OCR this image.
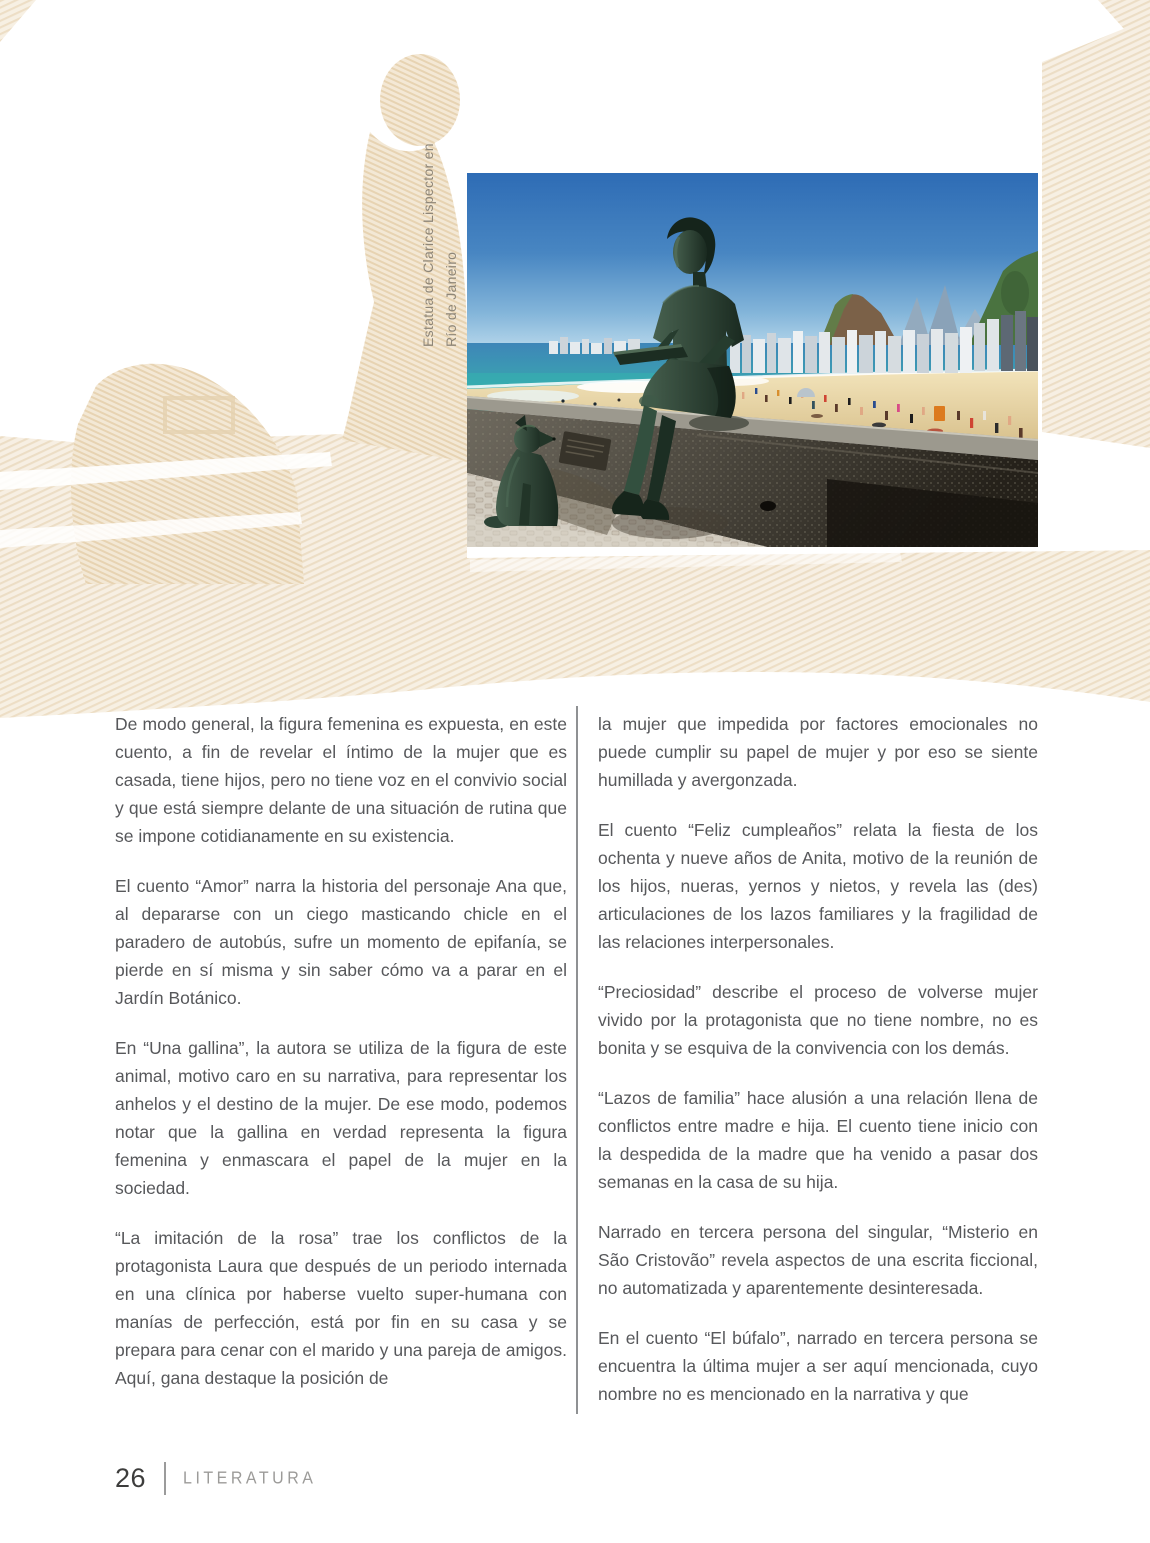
Estatua de Clarice Lispector en Río de Janeiro

De modo general, la figura femenina es expuesta, en este cuento, a fin de revelar el íntimo de la mujer que es casada, tiene hijos, pero no tiene voz en el convivio social y que está siempre delante de una situación de rutina que se impone cotidianamente en su existencia.

El cuento “Amor” narra la historia del personaje Ana que, al depararse con un ciego masticando chicle en el paradero de autobús, sufre un momento de epifanía, se pierde en sí misma y sin saber cómo va a parar en el Jardín Botánico.

En “Una gallina”, la autora se utiliza de la figura de este animal, motivo caro en su narrativa, para representar los anhelos y el destino de la mujer. De ese modo, podemos notar que la gallina en verdad representa la figura femenina y enmascara el papel de la mujer en la sociedad.

“La imitación de la rosa” trae los conflictos de la protagonista Laura que después de un periodo internada en una clínica por haberse vuelto super-humana con manías de perfección, está por fin en su casa y se prepara para cenar con el marido y una pareja de amigos. Aquí, gana destaque la posición de

la mujer que impedida por factores emocionales no puede cumplir su papel de mujer y por eso se siente humillada y avergonzada.

El cuento “Feliz cumpleaños” relata la fiesta de los ochenta y nueve años de Anita, motivo de la reunión de los hijos, nueras, yernos y nietos, y revela las (des) articulaciones de los lazos familiares y la fragilidad de las relaciones interpersonales.

“Preciosidad” describe el proceso de volverse mujer vivido por la protagonista que no tiene nombre, no es bonita y se esquiva de la convivencia con los demás.

“Lazos de familia” hace alusión a una relación llena de conflictos entre madre e hija. El cuento tiene inicio con la despedida de la madre que ha venido a pasar dos semanas en la casa de su hija.

Narrado en tercera persona del singular, “Misterio en São Cristovão” revela aspectos de una escrita ficcional, no automatizada y aparentemente desinteresada.

En el cuento “El búfalo”, narrado en tercera persona se encuentra la última mujer a ser aquí mencionada, cuyo nombre no es mencionado en la narrativa y que

26 LITERATURA
